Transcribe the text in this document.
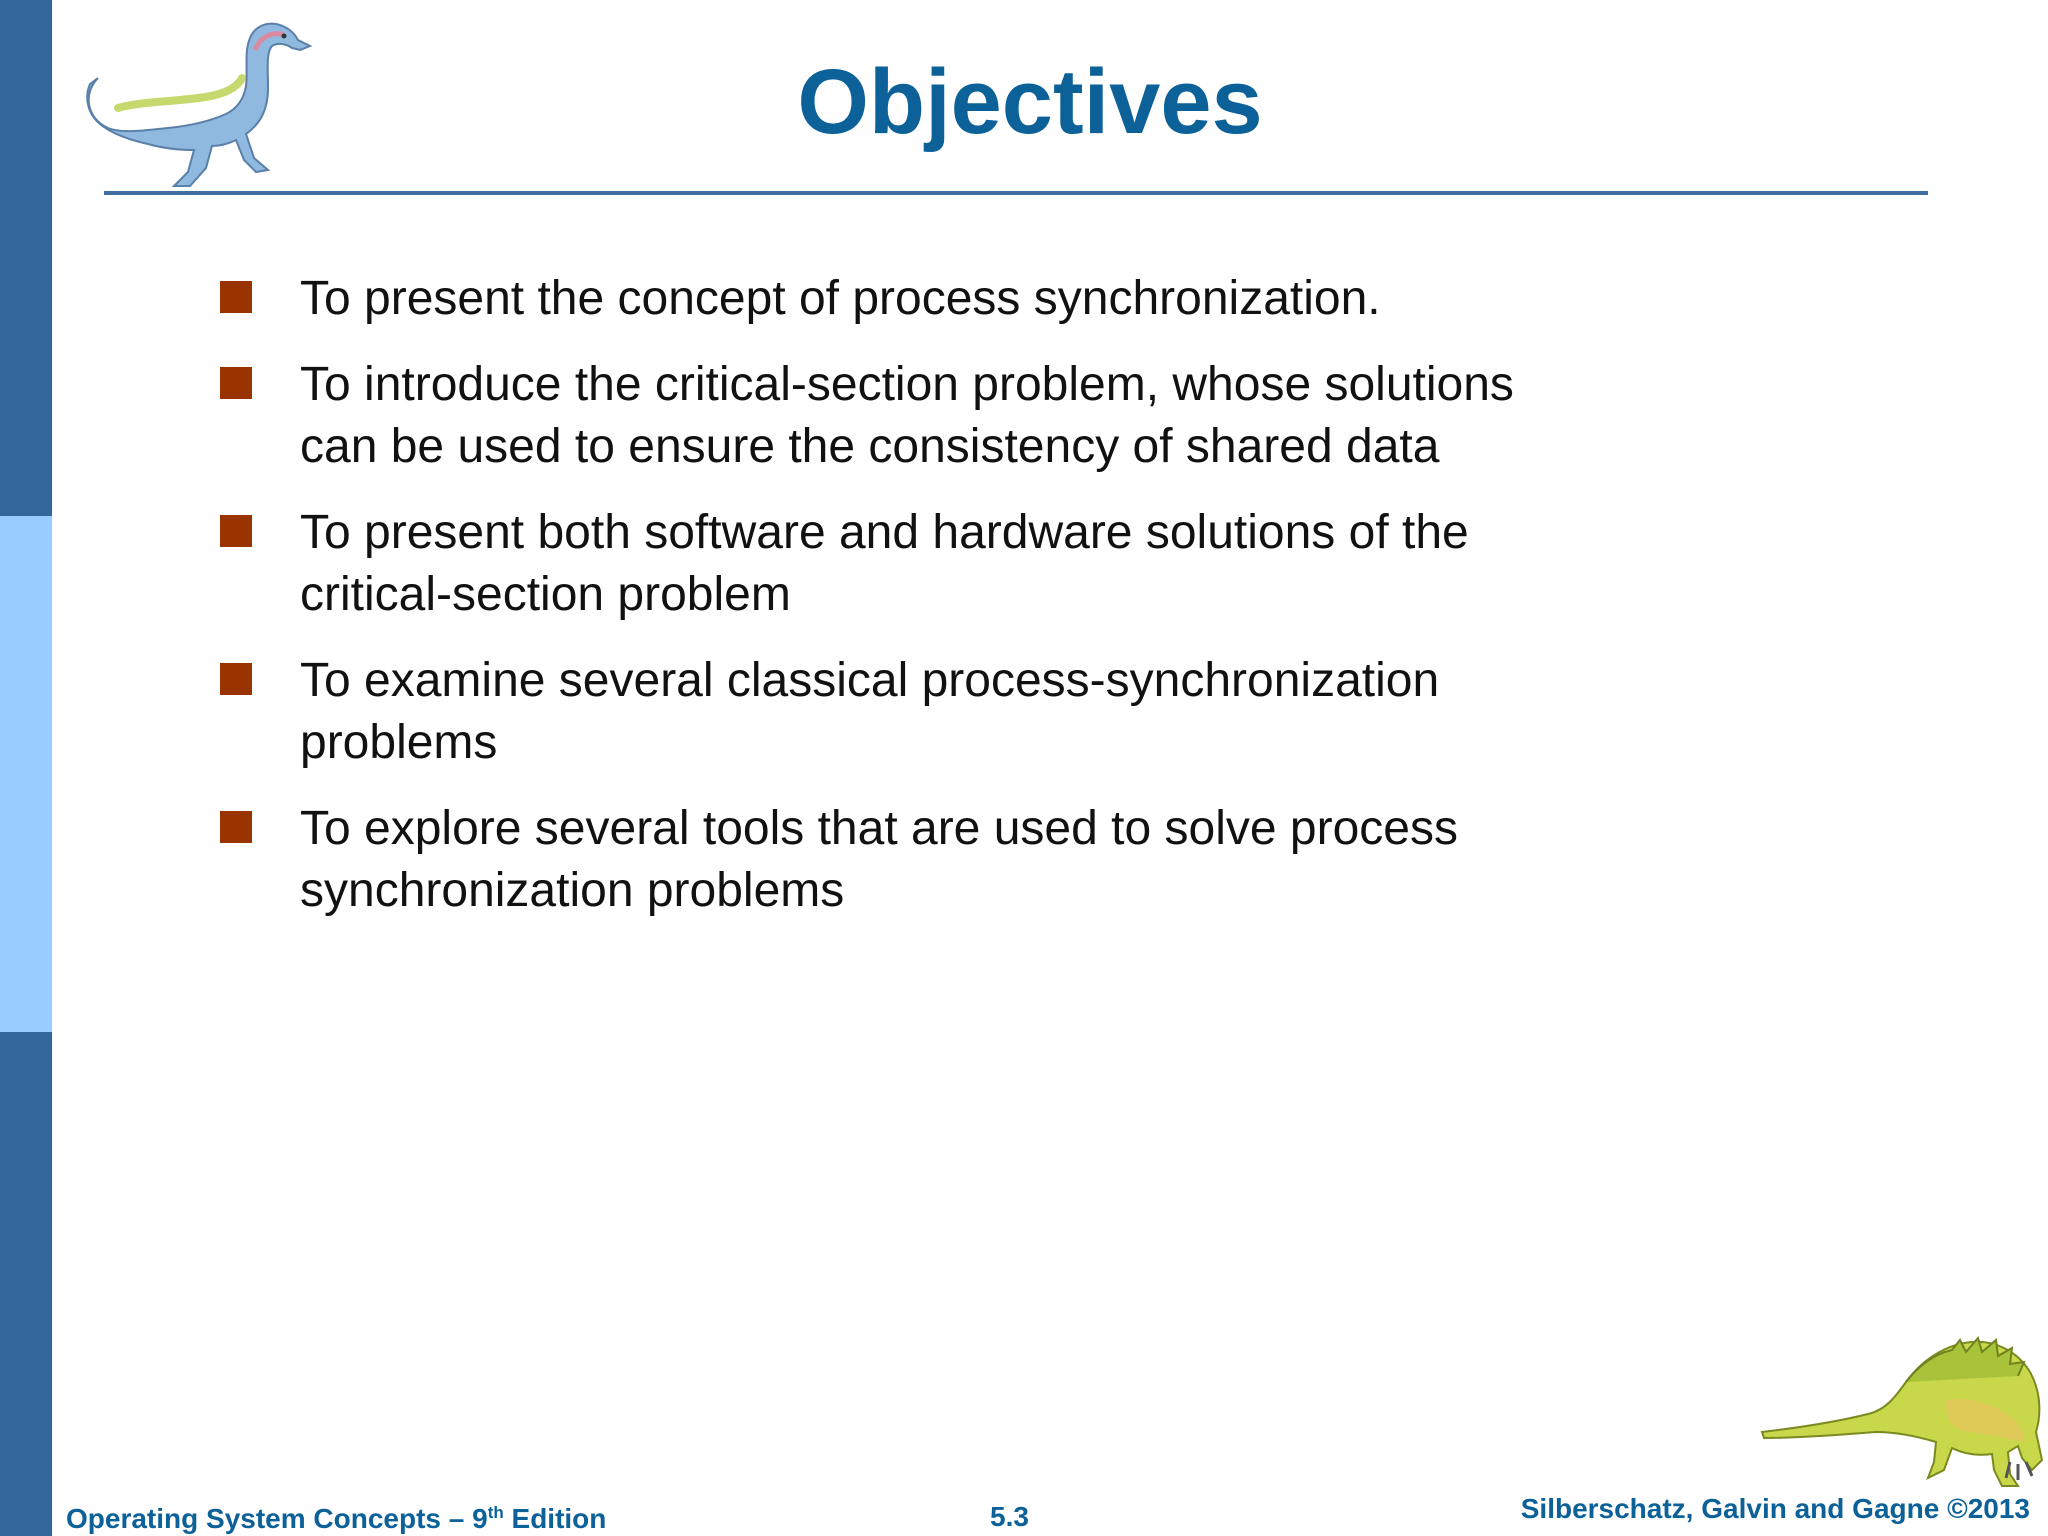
Objectives
To present the concept of process synchronization.
To introduce the critical-section problem, whose solutions
can be used to ensure the consistency of shared data
To present both software and hardware solutions of the
critical-section problem
To examine several classical process-synchronization
problems
To explore several tools that are used to solve process
synchronization problems
Operating System Concepts – 9th Edition	5.3	Silberschatz, Galvin and Gagne ©2013
